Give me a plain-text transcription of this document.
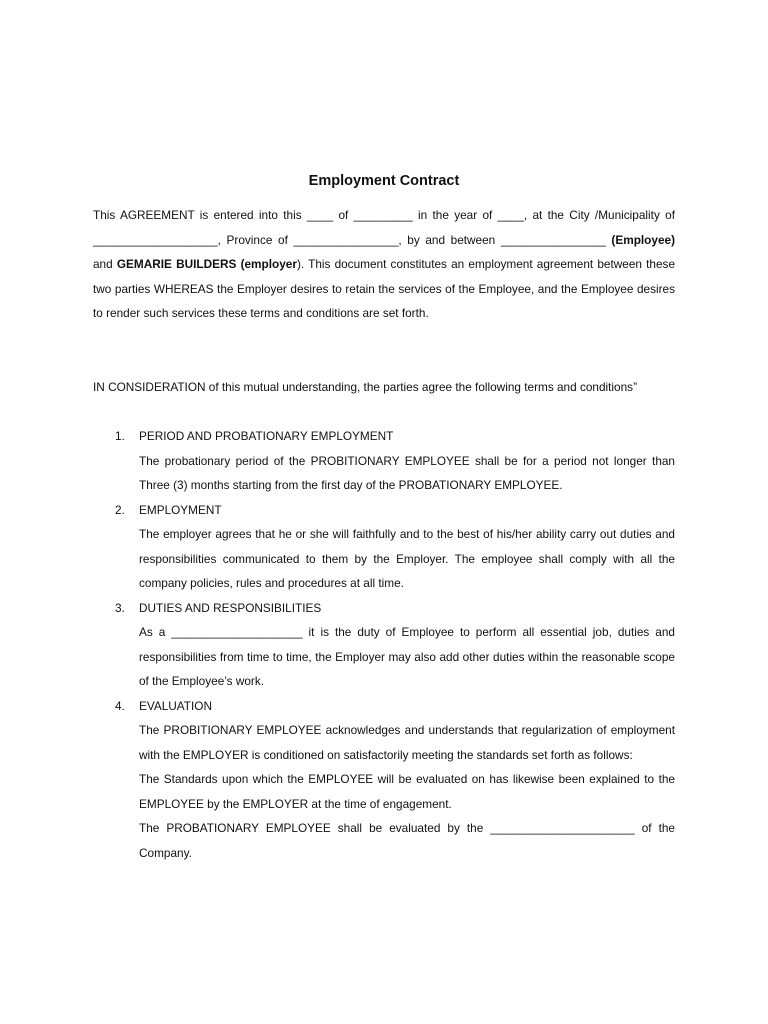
Employment Contract
This AGREEMENT is entered into this ____ of _________ in the year of ____, at the City /Municipality of ___________________, Province of ________________, by and between ________________ (Employee) and GEMARIE BUILDERS (employer). This document constitutes an employment agreement between these two parties WHEREAS the Employer desires to retain the services of the Employee, and the Employee desires to render such services these terms and conditions are set forth.
IN CONSIDERATION of this mutual understanding, the parties agree the following terms and conditions”
1. PERIOD AND PROBATIONARY EMPLOYMENT
The probationary period of the PROBITIONARY EMPLOYEE shall be for a period not longer than Three (3) months starting from the first day of the PROBATIONARY EMPLOYEE.
2. EMPLOYMENT
The employer agrees that he or she will faithfully and to the best of his/her ability carry out duties and responsibilities communicated to them by the Employer. The employee shall comply with all the company policies, rules and procedures at all time.
3. DUTIES AND RESPONSIBILITIES
As a ____________________ it is the duty of Employee to perform all essential job, duties and responsibilities from time to time, the Employer may also add other duties within the reasonable scope of the Employee’s work.
4. EVALUATION
The PROBITIONARY EMPLOYEE acknowledges and understands that regularization of employment with the EMPLOYER is conditioned on satisfactorily meeting the standards set forth as follows:
The Standards upon which the EMPLOYEE will be evaluated on has likewise been explained to the EMPLOYEE by the EMPLOYER at the time of engagement.
The PROBATIONARY EMPLOYEE shall be evaluated by the ______________________ of the Company.
